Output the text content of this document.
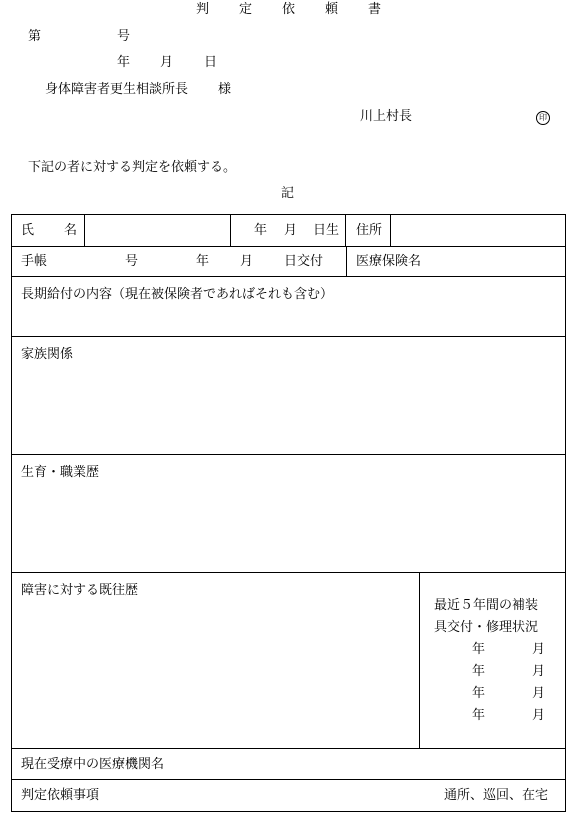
判 定 依 頼 書
第	号
年 月 日
身体障害者更生相談所長 様
川上村長	印
下記の者に対する判定を依頼する。
記
氏 名	年 月 日生 住所
手帳	号	年 月 日交付	医療保険名
長期給付の内容（現在被保険者であればそれも含む）
家族関係
生育・職業歴
障害に対する既往歴
最近５年間の補装
具交付・修理状況
年	月
年	月
年	月
年	月
現在受療中の医療機関名
判定依頼事項	通所、巡回、在宅
